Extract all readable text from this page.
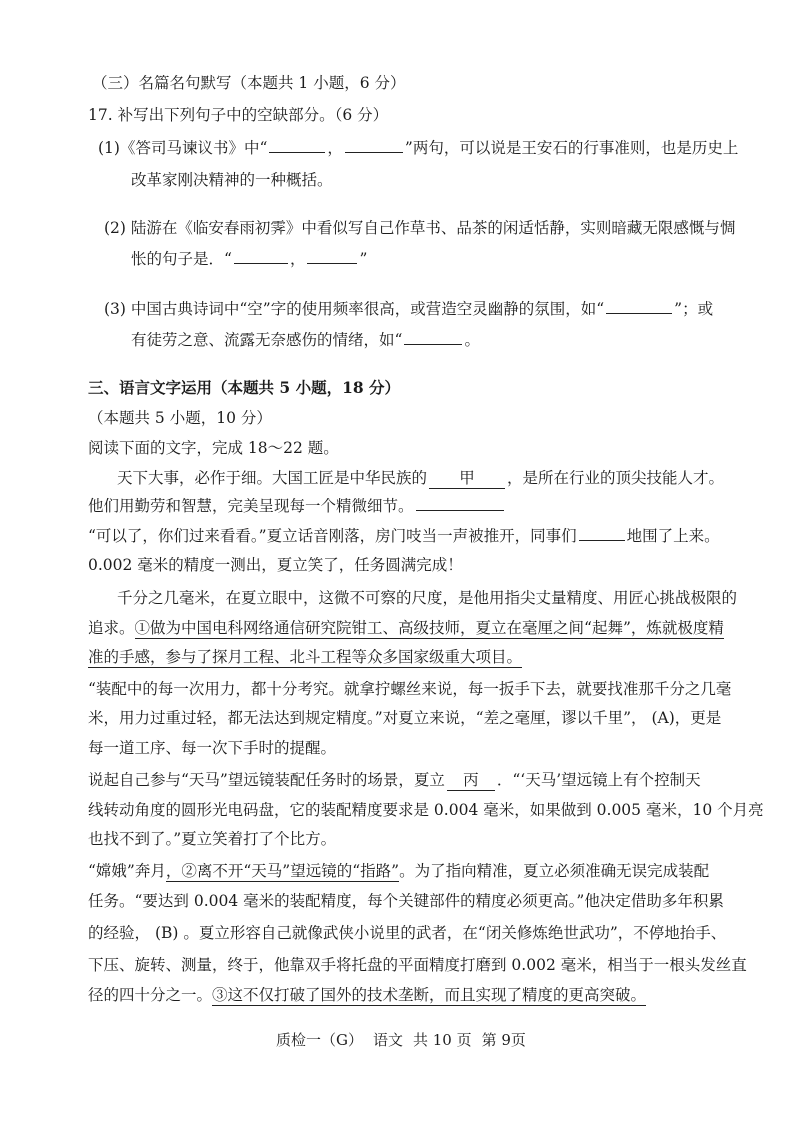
（三）名篇名句默写（本题共 1 小题，6 分）
17. 补写出下列句子中的空缺部分。（6 分）
(1)《答司马谏议书》中“	，	”两句，可以说是王安石的行事准则，也是历史上
改革家刚决精神的一种概括。
(2) 陆游在《临安春雨初霁》中看似写自己作草书、品茶的闲适恬静，实则暗藏无限感慨与惆
怅的句子是．“	，	”
(3) 中国古典诗词中“空”字的使用频率很高，或营造空灵幽静的氛围，如“	”；或
有徒劳之意、流露无奈感伤的情绪，如“	。
三、语言文字运用（本题共 5 小题，18 分）
（本题共 5 小题，10 分）
阅读下面的文字，完成 18～22 题。
天下大事，必作于细。大国工匠是中华民族的 甲 ，是所在行业的顶尖技能人才。
他们用勤劳和智慧，完美呈现每一个精微细节。
“可以了，你们过来看看。”夏立话音刚落，房门吱当一声被推开，同事们	地围了上来。
0.002 毫米的精度一测出，夏立笑了，任务圆满完成！
千分之几毫米，在夏立眼中，这微不可察的尺度，是他用指尖丈量精度、用匠心挑战极限的
追求。①做为中国电科网络通信研究院钳工、高级技师，夏立在毫厘之间“起舞”，炼就极度精
准的手感，参与了探月工程、北斗工程等众多国家级重大项目。
“装配中的每一次用力，都十分考究。就拿拧螺丝来说，每一扳手下去，就要找准那千分之几毫
米，用力过重过轻，都无法达到规定精度。”对夏立来说，“差之毫厘，谬以千里”， (A)，更是
每一道工序、每一次下手时的提醒。
说起自己参与“天马”望远镜装配任务时的场景，夏立 丙 ．“‘天马’望远镜上有个控制天
线转动角度的圆形光电码盘，它的装配精度要求是 0.004 毫米，如果做到 0.005 毫米，10 个月亮
也找不到了。”夏立笑着打了个比方。
“嫦娥”奔月，②离不开“天马”望远镜的“指路”。为了指向精准，夏立必须准确无误完成装配
任务。“要达到 0.004 毫米的装配精度，每个关键部件的精度必须更高。”他决定借助多年积累
的经验， (B) 。夏立形容自己就像武侠小说里的武者，在“闭关修炼绝世武功”，不停地抬手、
下压、旋转、测量，终于，他靠双手将托盘的平面精度打磨到 0.002 毫米，相当于一根头发丝直
径的四十分之一。③这不仅打破了国外的技术垄断，而且实现了精度的更高突破。
质检一（G） 语文 共 10 页 第 9页
